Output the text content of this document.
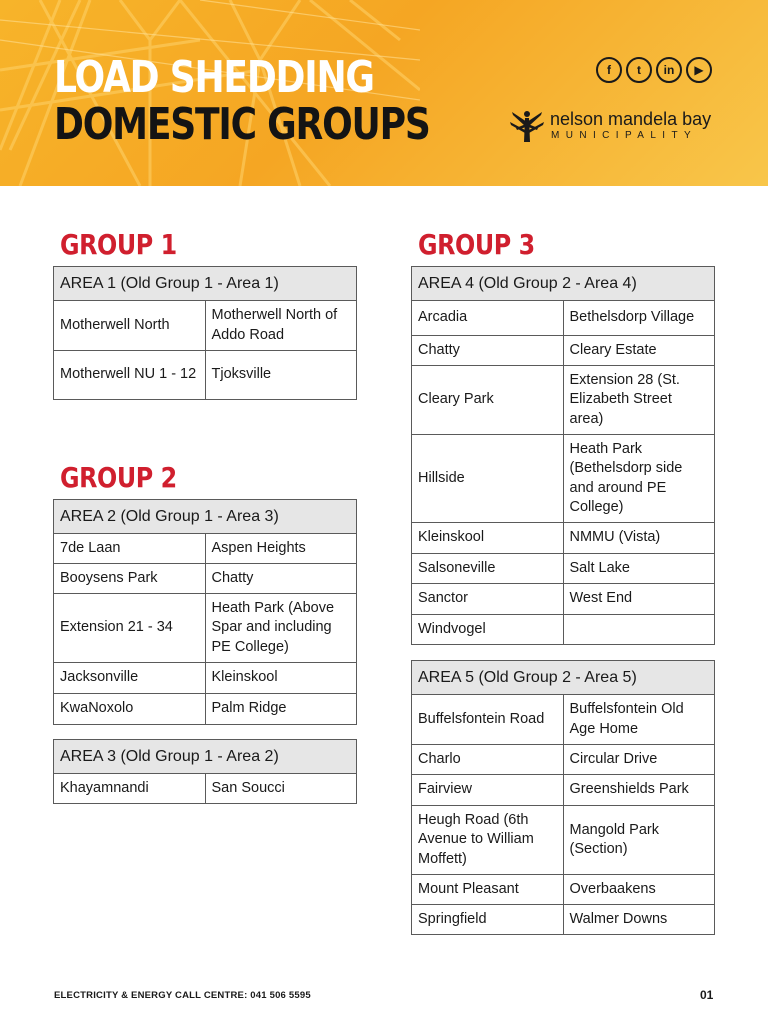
LOAD SHEDDING
DOMESTIC GROUPS
f	t	in	▶
nelson mandela bay
MUNICIPALITY
GROUP 1
AREA 1 (Old Group 1 - Area 1)	
Motherwell North	Motherwell North of Addo Road
Motherwell NU 1 - 12	Tjoksville
GROUP 2
AREA 2 (Old Group 1 - Area 3)	
7de Laan	Aspen Heights
Booysens Park	Chatty
Extension 21 - 34	Heath Park (Above Spar and including PE College)
Jacksonville	Kleinskool
KwaNoxolo	Palm Ridge
AREA 3 (Old Group 1 - Area 2)
Khayamnandi	San Soucci
GROUP 3
AREA 4 (Old Group 2 - Area 4)	
Arcadia	Bethelsdorp Village
Chatty	Cleary Estate
Cleary Park	Extension 28 (St. Elizabeth Street area)
Hillside	Heath Park (Bethelsdorp side and around PE College)
Kleinskool	NMMU (Vista)
Salsoneville	Salt Lake
Sanctor	West End
Windvogel	
AREA 5 (Old Group 2 - Area 5)	
Buffelsfontein Road	Buffelsfontein Old Age Home
Charlo	Circular Drive
Fairview	Greenshields Park
Heugh Road (6th Avenue to William Moffett)	Mangold Park (Section)
Mount Pleasant	Overbaakens
Springfield	Walmer Downs
ELECTRICITY & ENERGY CALL CENTRE: 041 506 5595	01
